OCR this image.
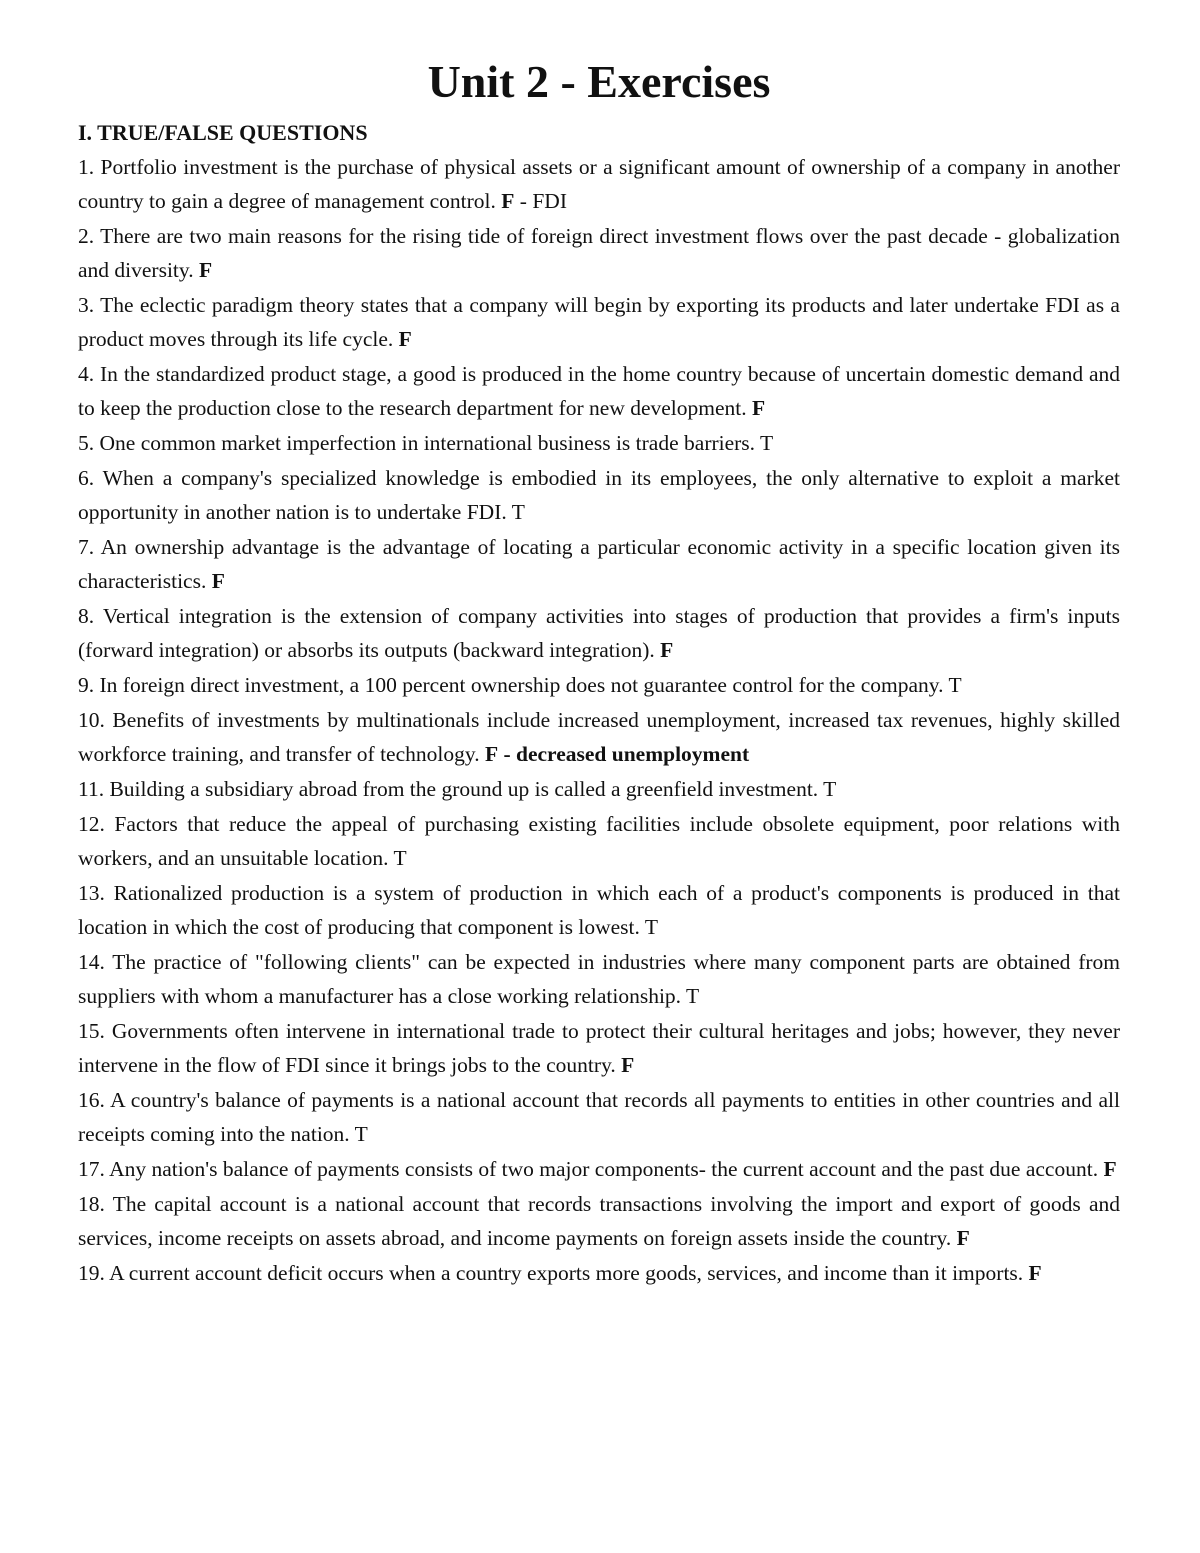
Unit 2 - Exercises
I. TRUE/FALSE QUESTIONS

1. Portfolio investment is the purchase of physical assets or a significant amount of ownership of a company in another country to gain a degree of management control. F - FDI

2. There are two main reasons for the rising tide of foreign direct investment flows over the past decade - globalization and diversity. F

3. The eclectic paradigm theory states that a company will begin by exporting its products and later undertake FDI as a product moves through its life cycle. F

4. In the standardized product stage, a good is produced in the home country because of uncertain domestic demand and to keep the production close to the research department for new development. F

5. One common market imperfection in international business is trade barriers. T

6. When a company's specialized knowledge is embodied in its employees, the only alternative to exploit a market opportunity in another nation is to undertake FDI. T

7. An ownership advantage is the advantage of locating a particular economic activity in a specific location given its characteristics. F

8. Vertical integration is the extension of company activities into stages of production that provides a firm's inputs (forward integration) or absorbs its outputs (backward integration). F

9. In foreign direct investment, a 100 percent ownership does not guarantee control for the company. T

10. Benefits of investments by multinationals include increased unemployment, increased tax revenues, highly skilled workforce training, and transfer of technology. F - decreased unemployment

11. Building a subsidiary abroad from the ground up is called a greenfield investment. T

12. Factors that reduce the appeal of purchasing existing facilities include obsolete equipment, poor relations with workers, and an unsuitable location. T

13. Rationalized production is a system of production in which each of a product's components is produced in that location in which the cost of producing that component is lowest. T

14. The practice of "following clients" can be expected in industries where many component parts are obtained from suppliers with whom a manufacturer has a close working relationship. T

15. Governments often intervene in international trade to protect their cultural heritages and jobs; however, they never intervene in the flow of FDI since it brings jobs to the country. F

16. A country's balance of payments is a national account that records all payments to entities in other countries and all receipts coming into the nation. T

17. Any nation's balance of payments consists of two major components- the current account and the past due account. F

18. The capital account is a national account that records transactions involving the import and export of goods and services, income receipts on assets abroad, and income payments on foreign assets inside the country. F

19. A current account deficit occurs when a country exports more goods, services, and income than it imports. F
